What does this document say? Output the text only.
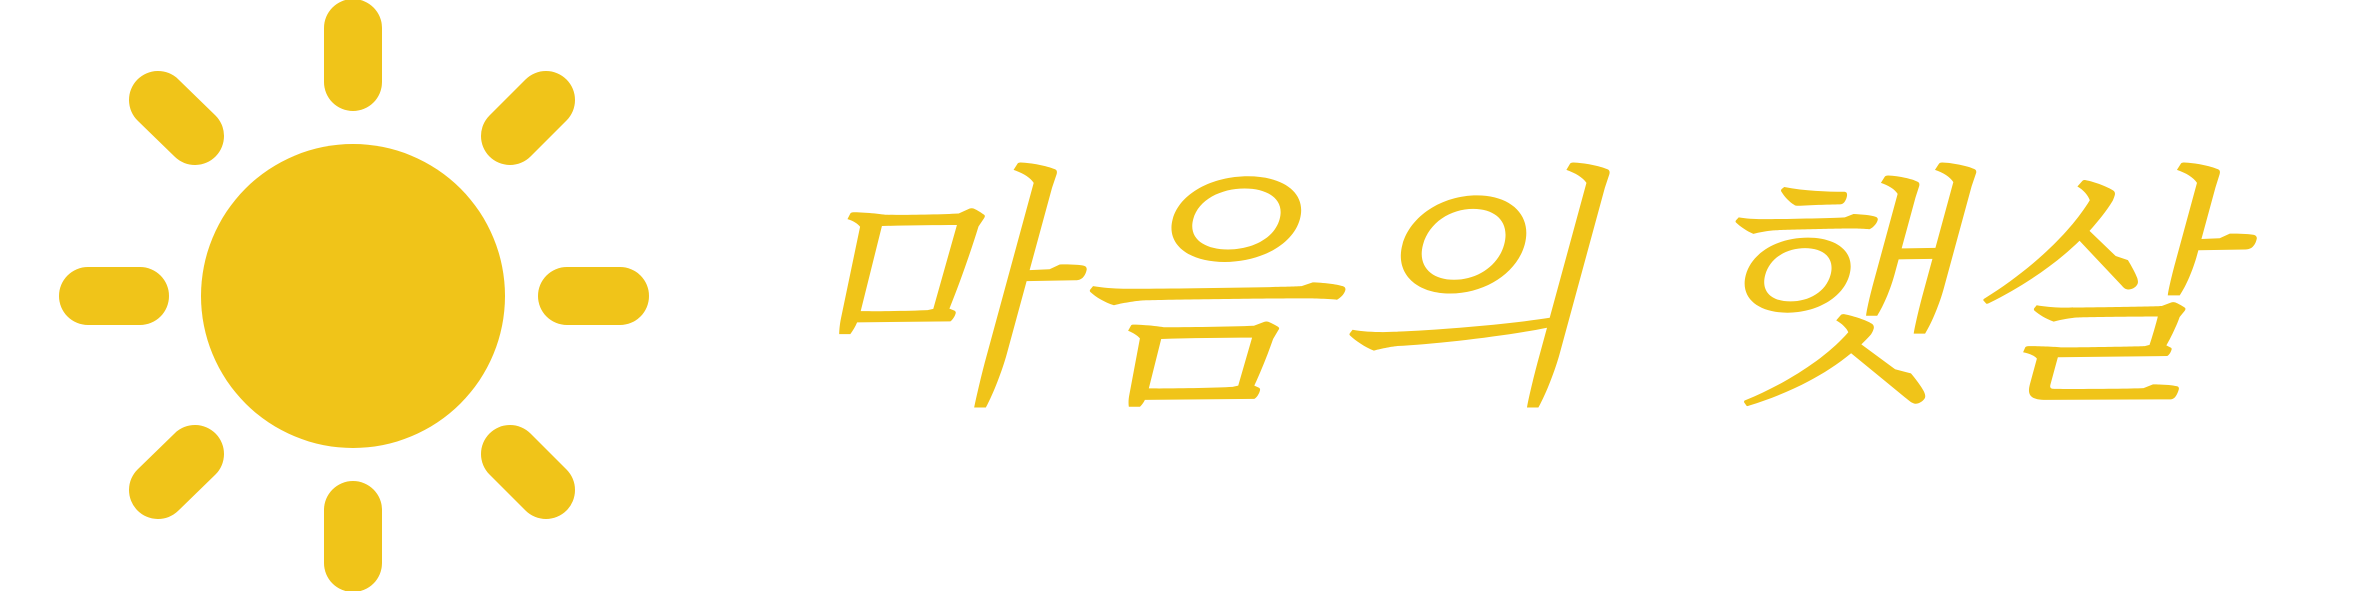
마음의 햇살
